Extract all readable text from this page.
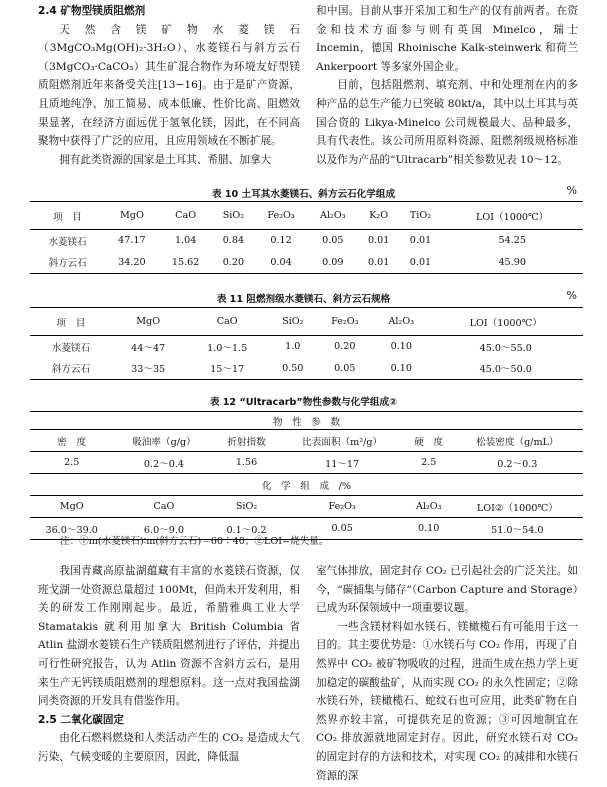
2.4 矿物型镁质阻燃剂

天然含镁矿物水菱镁石（3MgCO₃Mg(OH)₂·3H₂O）、水菱镁石与斜方云石（3MgCO₃·CaCO₃）其生矿混合物作为环境友好型镁质阻燃剂近年来备受关注[13−16]。由于是矿产资源，且质地纯净、加工简易、成本低廉、性价比高、阻燃效果显著，在经济方面远优于氢氧化镁，因此，在不同高聚物中获得了广泛的应用，且应用领域在不断扩展。

拥有此类资源的国家是土耳其、希腊、加拿大

和中国。目前从事开采加工和生产的仅有前两者。在资金和技术方面参与则有英国 Minelco，瑞士 Incemin，德国 Rhoinische Kalk-steinwerk 和荷兰 Ankerpoort 等多家外国企业。

目前，包括阻燃剂、填充剂、中和处理剂在内的多种产品的总生产能力已突破 80kt/a，其中以土耳其与英国合资的 Likya-Minelco 公司规模最大、品种最多，具有代表性。该公司所用原料资源、阻燃剂级规格标准以及作为产品的“Ultracarb”相关参数见表 10～12。

表 10 土耳其水菱镁石、斜方云石化学组成	%
项　目	MgO	CaO	SiO₂	Fe₂O₃	Al₂O₃	K₂O	TiO₂	LOI（1000℃）
水菱镁石	47.17	1.04	0.84	0.12	0.05	0.01	0.01	54.25
斜方云石	34.20	15.62	0.20	0.04	0.09	0.01	0.01	45.90
表 11 阻燃剂级水菱镁石、斜方云石规格	%
项　目	MgO	CaO	SiO₂	Fe₂O₃	Al₂O₃	LOI（1000℃）
水菱镁石	44～47	1.0～1.5	1.0	0.20	0.10	45.0～55.0
斜方云石	33～35	15～17	0.50	0.05	0.10	45.0～50.0
表 12 “Ultracarb”物性参数与化学组成②
物　性　参　数					
密　度	吸油率（g/g）	折射指数	比表面积（m²/g）	硬　度	松装密度（g/mL）
2.5	0.2～0.4	1.56	11～17	2.5	0.2～0.3
化　学　组　成　/%					
MgO	CaO	SiO₂	Fe₂O₃	Al₂O₃	LOI②（1000℃）
36.0～39.0	6.0～9.0	0.1～0.2	0.05	0.10	51.0～54.0
注：①m(水菱镁石)∶m(斜方云石)＝60∶40；②LOI=烧失量。

我国青藏高原盐湖蕴藏有丰富的水菱镁石资源，仅班戈湖一处资源总量超过 100Mt，但尚未开发利用，相关的研发工作刚刚起步。最近，希腊雅典工业大学 Stamatakis 就利用加拿大 British Columbia 省 Atlin 盐湖水菱镁石生产镁质阻燃剂进行了评估，并提出可行性研究报告，认为 Atlin 资源不含斜方云石，是用来生产无钙镁质阻燃剂的理想原料。这一点对我国盐湖同类资源的开发具有借鉴作用。

2.5 二氧化碳固定

由化石燃料燃烧和人类活动产生的 CO₂ 是造成大气污染、气候变暖的主要原因，因此，降低温

室气体排放，固定封存 CO₂ 已引起社会的广泛关注。如今，“碳捕集与储存”（Carbon Capture and Storage）已成为环保领域中一项重要议题。

一些含镁材料如水镁石、镁橄榄石有可能用于这一目的。其主要优势是：①水镁石与 CO₂ 作用，再现了自然界中 CO₂ 被矿物吸收的过程，进而生成在热力学上更加稳定的碳酸盐矿，从而实现 CO₂ 的永久性固定；②除水镁石外，镁橄榄石、蛇纹石也可应用，此类矿物在自然界亦较丰富，可提供充足的资源；③可因地制宜在 CO₂ 排放源就地固定封存。因此，研究水镁石对 CO₂ 的固定封存的方法和技术，对实现 CO₂ 的减排和水镁石资源的深
